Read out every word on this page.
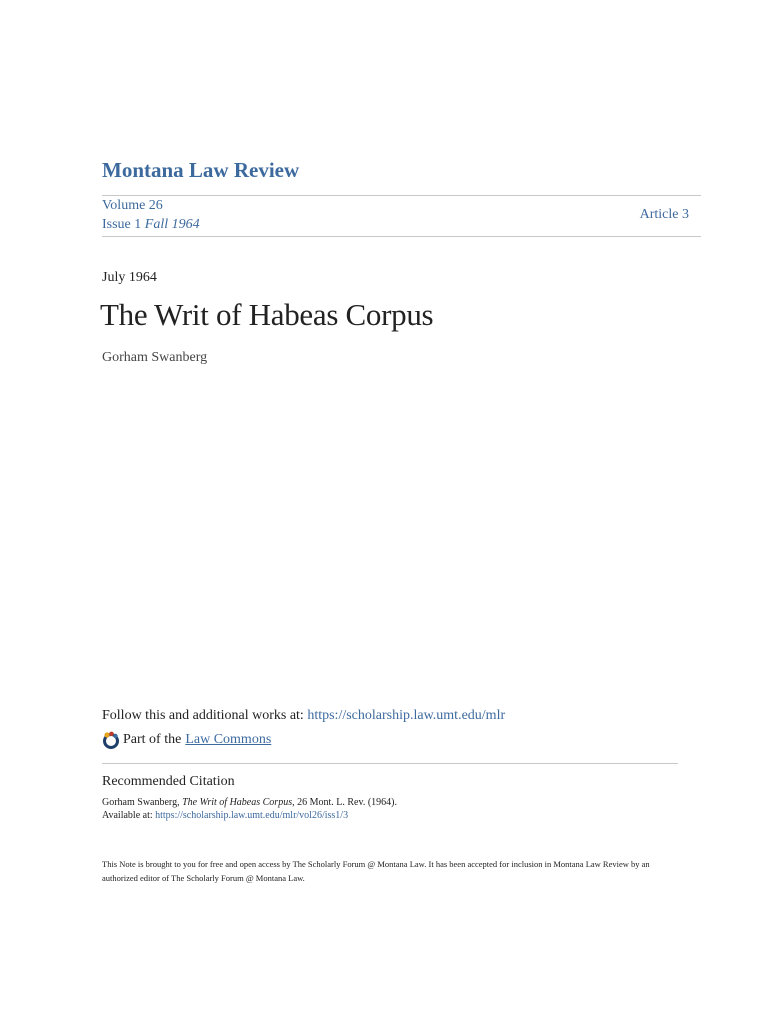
Montana Law Review
Volume 26
Issue 1 Fall 1964
Article 3
July 1964
The Writ of Habeas Corpus
Gorham Swanberg
Follow this and additional works at: https://scholarship.law.umt.edu/mlr
Part of the Law Commons
Recommended Citation
Gorham Swanberg, The Writ of Habeas Corpus, 26 Mont. L. Rev. (1964).
Available at: https://scholarship.law.umt.edu/mlr/vol26/iss1/3
This Note is brought to you for free and open access by The Scholarly Forum @ Montana Law. It has been accepted for inclusion in Montana Law Review by an authorized editor of The Scholarly Forum @ Montana Law.
